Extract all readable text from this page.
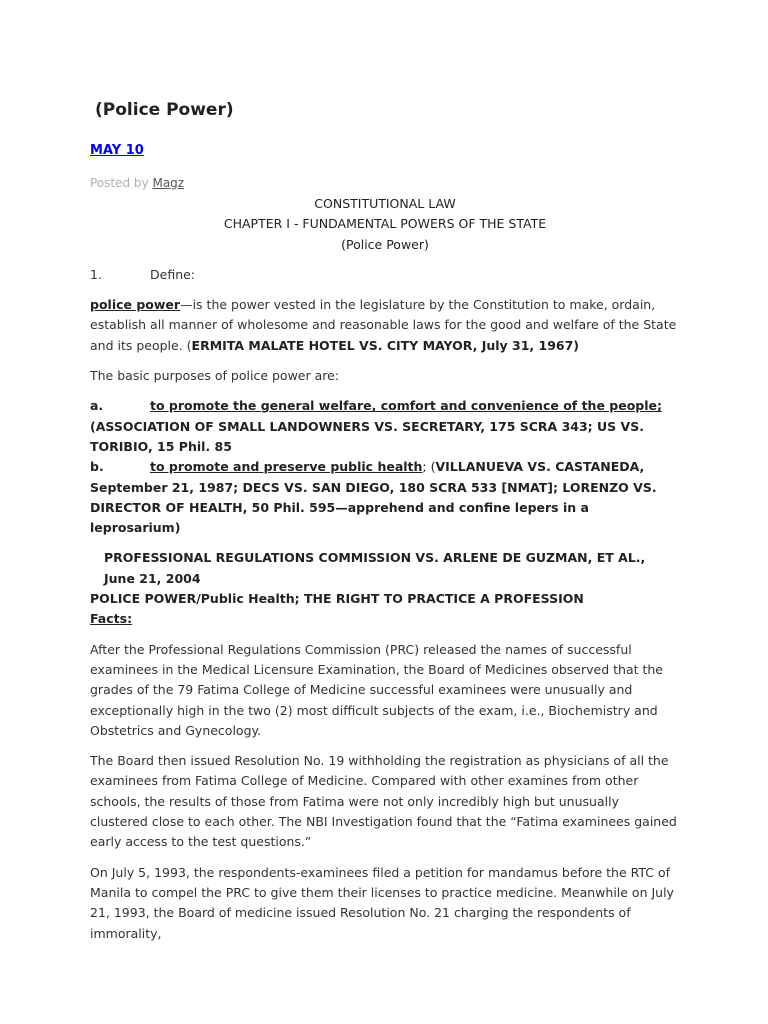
(Police Power)
MAY 10
Posted by Magz

CONSTITUTIONAL LAW

CHAPTER I - FUNDAMENTAL POWERS OF THE STATE

(Police Power)

1.	Define:

police power—is the power vested in the legislature by the Constitution to make, ordain, establish all manner of wholesome and reasonable laws for the good and welfare of the State and its people. (ERMITA MALATE HOTEL VS. CITY MAYOR, July 31, 1967)

The basic purposes of police power are:

a.	to promote the general welfare, comfort and convenience of the people; (ASSOCIATION OF SMALL LANDOWNERS VS. SECRETARY, 175 SCRA 343; US VS. TORIBIO, 15 Phil. 85

b.	to promote and preserve public health; (VILLANUEVA VS. CASTANEDA, September 21, 1987; DECS VS. SAN DIEGO, 180 SCRA 533 [NMAT]; LORENZO VS. DIRECTOR OF HEALTH, 50 Phil. 595—apprehend and confine lepers in a leprosarium)

PROFESSIONAL REGULATIONS COMMISSION VS. ARLENE DE GUZMAN, ET AL., June 21, 2004

POLICE POWER/Public Health; THE RIGHT TO PRACTICE A PROFESSION

Facts:

After the Professional Regulations Commission (PRC) released the names of successful examinees in the Medical Licensure Examination, the Board of Medicines observed that the grades of the 79 Fatima College of Medicine successful examinees were unusually and exceptionally high in the two (2) most difficult subjects of the exam, i.e., Biochemistry and Obstetrics and Gynecology.

The Board then issued Resolution No. 19 withholding the registration as physicians of all the examinees from Fatima College of Medicine. Compared with other examines from other schools, the results of those from Fatima were not only incredibly high but unusually clustered close to each other. The NBI Investigation found that the “Fatima examinees gained early access to the test questions.”

On July 5, 1993, the respondents-examinees filed a petition for mandamus before the RTC of Manila to compel the PRC to give them their licenses to practice medicine. Meanwhile on July 21, 1993, the Board of medicine issued Resolution No. 21 charging the respondents of immorality,
